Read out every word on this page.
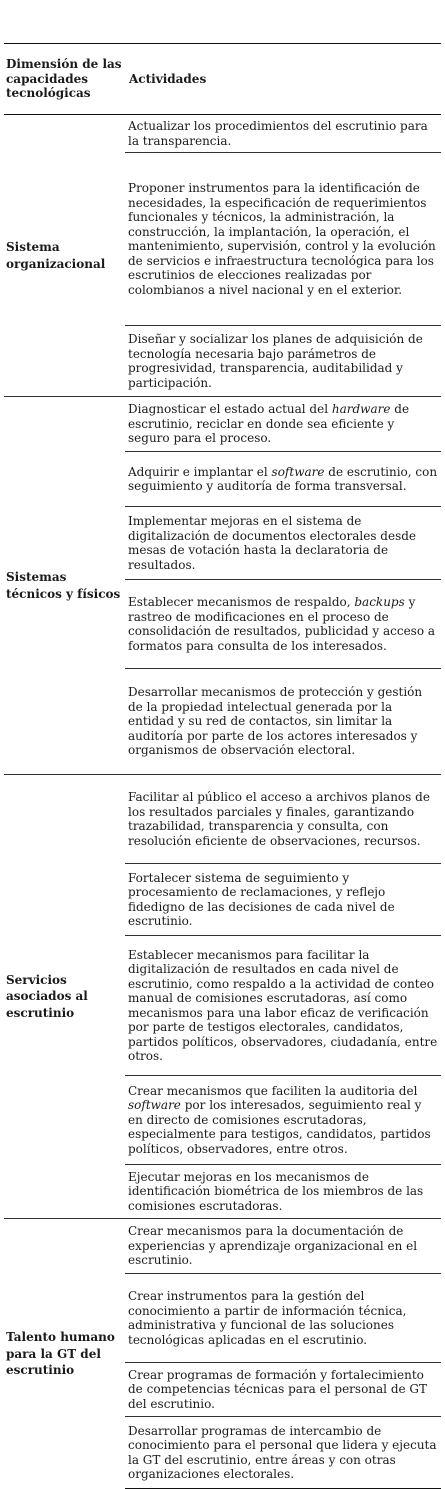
Dimensión de las capacidades tecnológicas	Actividades
Sistema organizacional	Actualizar los procedimientos del escrutinio para la transparencia.
	Proponer instrumentos para la identificación de necesidades, la especificación de requerimientos funcionales y técnicos, la administración, la construcción, la implantación, la operación, el mantenimiento, supervisión, control y la evolución de servicios e infraestructura tecnológica para los escrutinios de elecciones realizadas por colombianos a nivel nacional y en el exterior.
	Diseñar y socializar los planes de adquisición de tecnología necesaria bajo parámetros de progresividad, transparencia, auditabilidad y participación.
Sistemas técnicos y físicos	Diagnosticar el estado actual del hardware de escrutinio, reciclar en donde sea eficiente y seguro para el proceso.
	Adquirir e implantar el software de escrutinio, con seguimiento y auditoría de forma transversal.
	Implementar mejoras en el sistema de digitalización de documentos electorales desde mesas de votación hasta la declaratoria de resultados.
	Establecer mecanismos de respaldo, backups y rastreo de modificaciones en el proceso de consolidación de resultados, publicidad y acceso a formatos para consulta de los interesados.
	Desarrollar mecanismos de protección y gestión de la propiedad intelectual generada por la entidad y su red de contactos, sin limitar la auditoría por parte de los actores interesados y organismos de observación electoral.
Servicios asociados al escrutinio	Facilitar al público el acceso a archivos planos de los resultados parciales y finales, garantizando trazabilidad, transparencia y consulta, con resolución eficiente de observaciones, recursos.
	Fortalecer sistema de seguimiento y procesamiento de reclamaciones, y reflejo fidedigno de las decisiones de cada nivel de escrutinio.
	Establecer mecanismos para facilitar la digitalización de resultados en cada nivel de escrutinio, como respaldo a la actividad de conteo manual de comisiones escrutadoras, así como mecanismos para una labor eficaz de verificación por parte de testigos electorales, candidatos, partidos políticos, observadores, ciudadanía, entre otros.
	Crear mecanismos que faciliten la auditoria del software por los interesados, seguimiento real y en directo de comisiones escrutadoras, especialmente para testigos, candidatos, partidos políticos, observadores, entre otros.
	Ejecutar mejoras en los mecanismos de identificación biométrica de los miembros de las comisiones escrutadoras.
Talento humano para la GT del escrutinio	Crear mecanismos para la documentación de experiencias y aprendizaje organizacional en el escrutinio.
	Crear instrumentos para la gestión del conocimiento a partir de información técnica, administrativa y funcional de las soluciones tecnológicas aplicadas en el escrutinio.
	Crear programas de formación y fortalecimiento de competencias técnicas para el personal de GT del escrutinio.
	Desarrollar programas de intercambio de conocimiento para el personal que lidera y ejecuta la GT del escrutinio, entre áreas y con otras organizaciones electorales.
